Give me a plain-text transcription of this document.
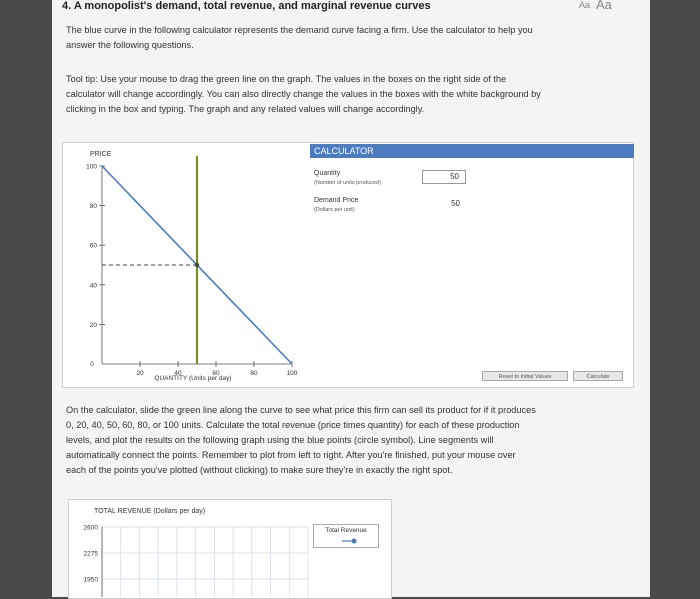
4. A monopolist's demand, total revenue, and marginal revenue curves	Aa Aa
The blue curve in the following calculator represents the demand curve facing a firm. Use the calculator to help you
answer the following questions.
Tool tip: Use your mouse to drag the green line on the graph. The values in the boxes on the right side of the
calculator will change accordingly. You can also directly change the values in the boxes with the white background by
clicking in the box and typing. The graph and any related values will change accordingly.
PRICE
QUANTITY (Units per day)
20
40
60
80
100
0
20	40	60	80	100
CALCULATOR
Quantity
(Number of units produced)
50
Demand Price
(Dollars per unit)
50
Reset to Initial Values	Calculate
On the calculator, slide the green line along the curve to see what price this firm can sell its product for if it produces
0, 20, 40, 50, 60, 80, or 100 units. Calculate the total revenue (price times quantity) for each of these production
levels, and plot the results on the following graph using the blue points (circle symbol). Line segments will
automatically connect the points. Remember to plot from left to right. After you're finished, put your mouse over
each of the points you've plotted (without clicking) to make sure they're in exactly the right spot.
TOTAL REVENUE (Dollars per day)
2600
2275
1950
Total Revenue
